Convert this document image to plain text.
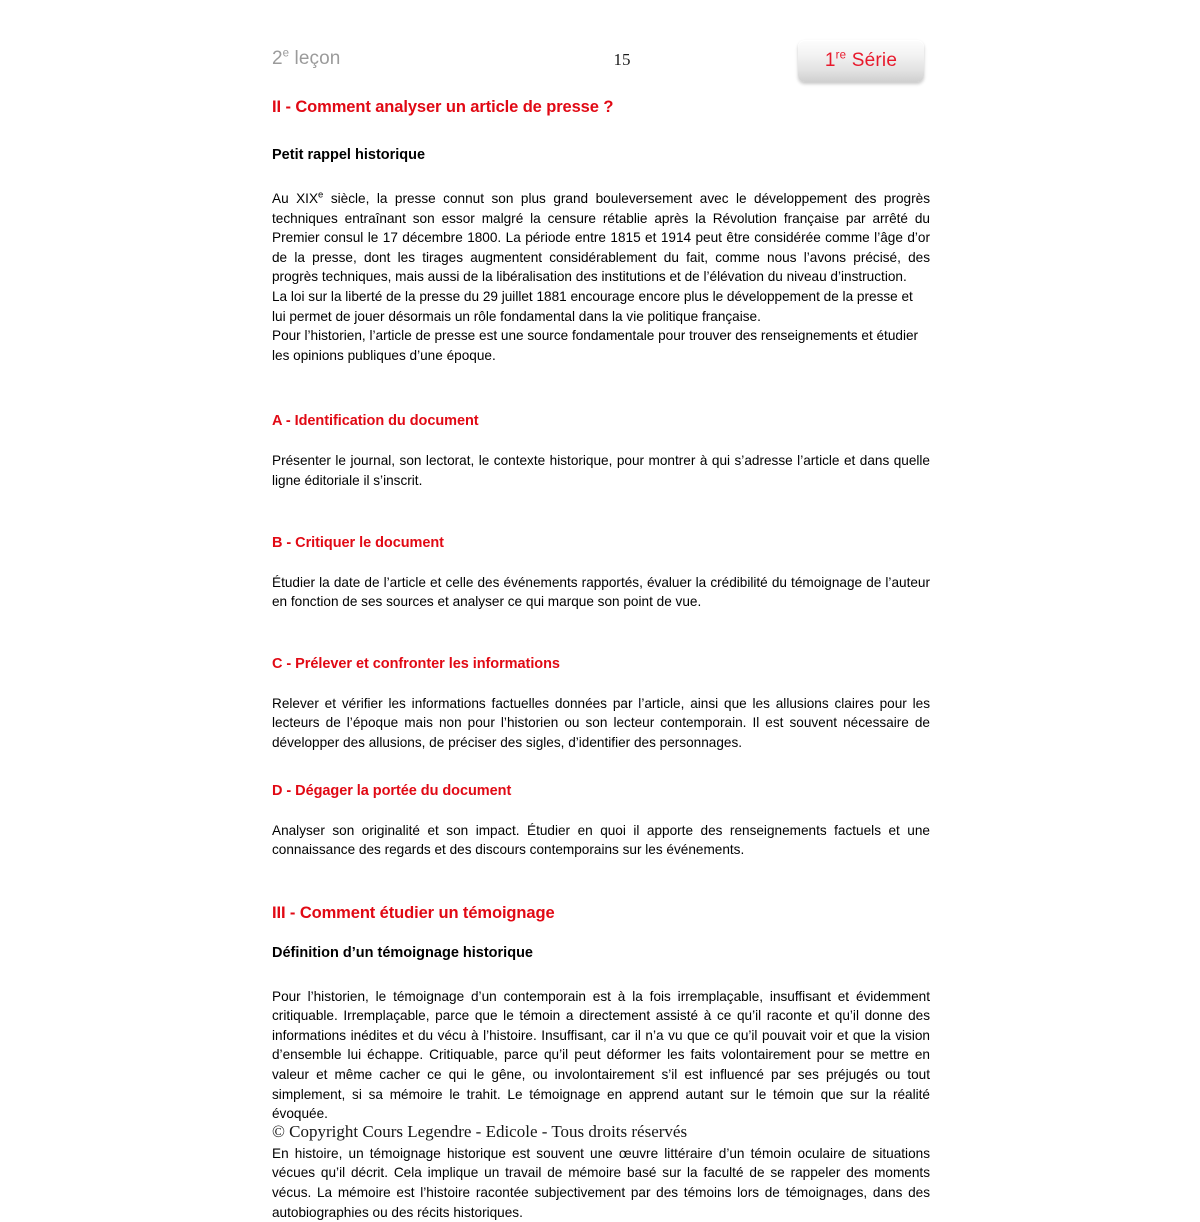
2e leçon	15	1re Série
II - Comment analyser un article de presse ?
Petit rappel historique

Au XIXe siècle, la presse connut son plus grand bouleversement avec le développement des progrès techniques entraînant son essor malgré la censure rétablie après la Révolution française par arrêté du Premier consul le 17 décembre 1800. La période entre 1815 et 1914 peut être considérée comme l’âge d’or de la presse, dont les tirages augmentent considérablement du fait, comme nous l’avons précisé, des progrès techniques, mais aussi de la libéralisation des institutions et de l’élévation du niveau d’instruction.

La loi sur la liberté de la presse du 29 juillet 1881 encourage encore plus le développement de la presse et lui permet de jouer désormais un rôle fondamental dans la vie politique française.

Pour l’historien, l’article de presse est une source fondamentale pour trouver des renseignements et étudier les opinions publiques d’une époque.

A - Identification du document

Présenter le journal, son lectorat, le contexte historique, pour montrer à qui s’adresse l’article et dans quelle ligne éditoriale il s’inscrit.

B - Critiquer le document

Étudier la date de l’article et celle des événements rapportés, évaluer la crédibilité du témoignage de l’auteur en fonction de ses sources et analyser ce qui marque son point de vue.

C - Prélever et confronter les informations

Relever et vérifier les informations factuelles données par l’article, ainsi que les allusions claires pour les lecteurs de l’époque mais non pour l’historien ou son lecteur contemporain. Il est souvent nécessaire de développer des allusions, de préciser des sigles, d’identifier des personnages.

D - Dégager la portée du document

Analyser son originalité et son impact. Étudier en quoi il apporte des renseignements factuels et une connaissance des regards et des discours contemporains sur les événements.

III - Comment étudier un témoignage
Définition d’un témoignage historique

Pour l’historien, le témoignage d’un contemporain est à la fois irremplaçable, insuffisant et évidemment critiquable. Irremplaçable, parce que le témoin a directement assisté à ce qu’il raconte et qu’il donne des informations inédites et du vécu à l’histoire. Insuffisant, car il n’a vu que ce qu’il pouvait voir et que la vision d’ensemble lui échappe. Critiquable, parce qu’il peut déformer les faits volontairement pour se mettre en valeur et même cacher ce qui le gêne, ou involontairement s’il est influencé par ses préjugés ou tout simplement, si sa mémoire le trahit. Le témoignage en apprend autant sur le témoin que sur la réalité évoquée.

En histoire, un témoignage historique est souvent une œuvre littéraire d’un témoin oculaire de situations vécues qu’il décrit. Cela implique un travail de mémoire basé sur la faculté de se rappeler des moments vécus. La mémoire est l’histoire racontée subjectivement par des témoins lors de témoignages, dans des autobiographies ou des récits historiques.

© Copyright Cours Legendre - Edicole - Tous droits réservés
